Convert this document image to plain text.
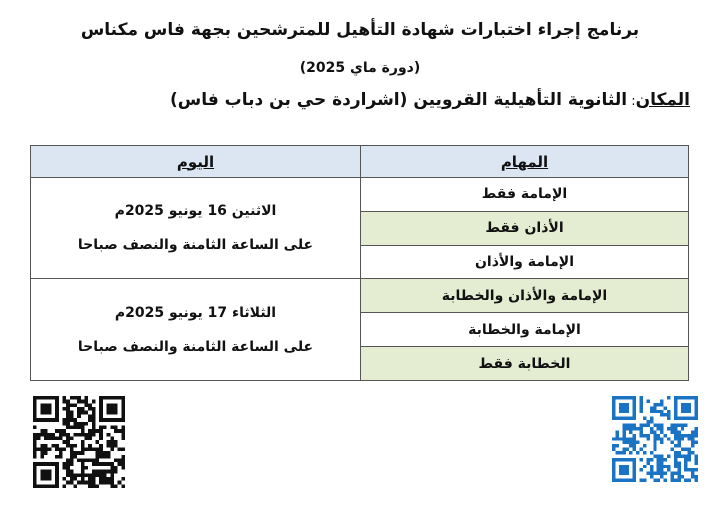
برنامج إجراء اختبارات شهادة التأهيل للمترشحين بجهة فاس مكناس
(دورة ماي 2025)
المكان: الثانوية التأهيلية القرويين (اشراردة حي بن دباب فاس)
المهام	اليوم
الإمامة فقط	الاثنين 16 يونيو 2025م
على الساعة الثامنة والنصف صباحا

الأذان فقط	
الإمامة والأذان	
الإمامة والأذان والخطابة	الثلاثاء 17 يونيو 2025م
على الساعة الثامنة والنصف صباحا

الإمامة والخطابة	
الخطابة فقط	
